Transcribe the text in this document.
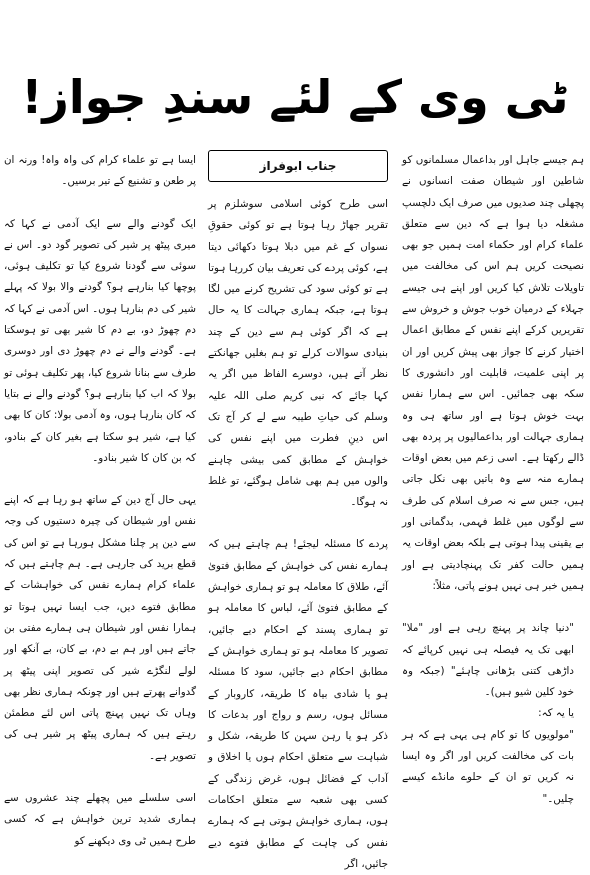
ٹی وی کے لئے سندِ جواز!

ہم جیسے جاہل اور بداعمال مسلمانوں کو شاطین اور شیطان صفت انسانوں نے پچھلی چند صدیوں میں صرف ایک دلچسپ مشغلہ دیا ہوا ہے کہ دین سے متعلق علماء کرام اور حکماء امت ہمیں جو بھی نصیحت کریں ہم اس کی مخالفت میں تاویلات تلاش کیا کریں اور اپنے ہی جیسے جہلاء کے درمیان خوب جوش و خروش سے تقریریں کرکے اپنے نفس کے مطابق اعمال اختیار کرنے کا جواز بھی پیش کریں اور ان پر اپنی علمیت، قابلیت اور دانشوری کا سکہ بھی جمائیں۔ اس سے ہمارا نفس بہت خوش ہوتا ہے اور ساتھ ہی وہ ہماری جہالت اور بداعمالیوں پر پردہ بھی ڈالے رکھتا ہے۔ اسی زعم میں بعض اوقات ہمارے منہ سے وہ باتیں بھی نکل جاتی ہیں، جس سے نہ صرف اسلام کی طرف سے لوگوں میں غلط فہمی، بدگمانی اور بے یقینی پیدا ہوتی ہے بلکہ بعض اوقات یہ ہمیں حالت کفر تک پہنچادیتی ہے اور ہمیں خبر ہی نہیں ہونے پاتی، مثلاً:

"دنیا چاند پر پہنچ رہی ہے اور "ملا" ابھی تک یہ فیصلہ ہی نہیں کرپائے کہ داڑھی کتنی بڑھانی چاہئے" (جبکہ وہ خود کلین شیو ہیں)۔

یا یہ کہ:

"مولویوں کا تو کام ہی یہی ہے کہ ہر بات کی مخالفت کریں اور اگر وہ ایسا نہ کریں تو ان کے حلوے مانڈے کیسے چلیں۔"

جناب ابوفراز

اسی طرح کوئی اسلامی سوشلزم پر تقریر جھاڑ رہا ہوتا ہے تو کوئی حقوقِ نسواں کے غم میں دبلا ہوتا دکھائی دیتا ہے، کوئی پردے کی تعریف بیان کررہا ہوتا ہے تو کوئی سود کی تشریح کرنے میں لگا ہوتا ہے، جبکہ ہماری جہالت کا یہ حال ہے کہ اگر کوئی ہم سے دین کے چند بنیادی سوالات کرلے تو ہم بغلیں جھانکتے نظر آتے ہیں، دوسرے الفاظ میں اگر یہ کہا جائے کہ نبی کریم صلی اللہ علیہ وسلم کی حیاتِ طیبہ سے لے کر آج تک اس دینِ فطرت میں اپنے نفس کی خواہش کے مطابق کمی بیشی چاہنے والوں میں ہم بھی شامل ہوگئے، تو غلط نہ ہوگا۔

پردے کا مسئلہ لیجئے! ہم چاہتے ہیں کہ ہمارے نفس کی خواہش کے مطابق فتویٰ آئے، طلاق کا معاملہ ہو تو ہماری خواہش کے مطابق فتویٰ آئے، لباس کا معاملہ ہو تو ہماری پسند کے احکام دیے جائیں، تصویر کا معاملہ ہو تو ہماری خواہش کے مطابق احکام دیے جائیں، سود کا مسئلہ ہو یا شادی بیاہ کا طریقہ، کاروبار کے مسائل ہوں، رسم و رواج اور بدعات کا ذکر ہو یا رہن سہن کا طریقہ، شکل و شباہت سے متعلق احکام ہوں یا اخلاق و آداب کے فضائل ہوں، غرض زندگی کے کسی بھی شعبہ سے متعلق احکامات ہوں، ہماری خواہش ہوتی ہے کہ ہمارے نفس کی چاہت کے مطابق فتوے دیے جائیں، اگر

ایسا ہے تو علماء کرام کی واہ واہ! ورنہ ان پر طعن و تشنیع کے تیر برسیں۔

ایک گودنے والے سے ایک آدمی نے کہا کہ میری پیٹھ پر شیر کی تصویر گود دو۔ اس نے سوئی سے گودنا شروع کیا تو تکلیف ہوئی، پوچھا کیا بنارہے ہو؟ گودنے والا بولا کہ پہلے شیر کی دم بنارہا ہوں۔ اس آدمی نے کہا کہ دم چھوڑ دو، بے دم کا شیر بھی تو ہوسکتا ہے۔ گودنے والے نے دم چھوڑ دی اور دوسری طرف سے بنانا شروع کیا، پھر تکلیف ہوئی تو بولا کہ اب کیا بنارہے ہو؟ گودنے والے نے بتایا کہ کان بنارہا ہوں، وہ آدمی بولا: کان کا بھی کیا ہے، شیر ہو سکتا ہے بغیر کان کے بنادو، کہ بن کان کا شیر بنادو۔

یہی حال آج دین کے ساتھ ہو رہا ہے کہ اپنے نفس اور شیطان کی چیرہ دستیوں کی وجہ سے دین پر چلنا مشکل ہورہا ہے تو اس کی قطع برید کی جارہی ہے۔ ہم چاہتے ہیں کہ علماء کرام ہمارے نفس کی خواہشات کے مطابق فتوے دیں، جب ایسا نہیں ہوتا تو ہمارا نفس اور شیطان ہی ہمارے مفتی بن جاتے ہیں اور ہم بے دم، بے کان، بے آنکھ اور لولے لنگڑے شیر کی تصویر اپنی پیٹھ پر گدوانے پھرتے ہیں اور چونکہ ہماری نظر بھی وہاں تک نہیں پہنچ پاتی اس لئے مطمئن رہتے ہیں کہ ہماری پیٹھ پر شیر ہی کی تصویر ہے۔

اسی سلسلے میں پچھلے چند عشروں سے ہماری شدید ترین خواہش ہے کہ کسی طرح ہمیں ٹی وی دیکھنے کو
